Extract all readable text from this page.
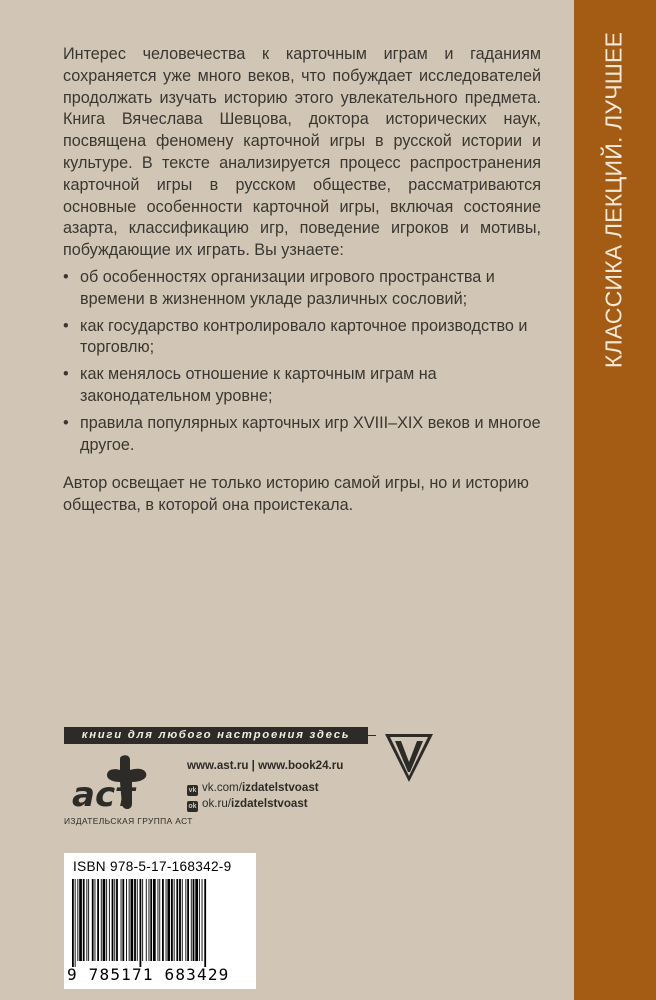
КЛАССИКА ЛЕКЦИЙ. ЛУЧШЕЕ

Интерес человечества к карточным играм и гаданиям сохраняется уже много веков, что побуждает исследователей продолжать изучать историю этого увлекательного предмета. Книга Вячеслава Шевцова, доктора исторических наук, посвящена феномену карточной игры в русской истории и культуре. В тексте анализируется процесс распространения карточной игры в русском обществе, рассматриваются основные особенности карточной игры, включая состояние азарта, классификацию игр, поведение игроков и мотивы, побуждающие их играть. Вы узнаете:

• об особенностях организации игрового пространства и времени в жизненном укладе различных сословий;
• как государство контролировало карточное производство и торговлю;
• как менялось отношение к карточным играм на законодательном уровне;
• правила популярных карточных игр XVIII–XIX веков и многое другое.

Автор освещает не только историю самой игры, но и историю общества, в которой она проистекала.

книги для любого настроения здесь
аст
ИЗДАТЕЛЬСКАЯ ГРУППА АСТ
www.ast.ru | www.book24.ru
vk vk.com/izdatelstvoast
ok ok.ru/izdatelstvoast
ISBN 978-5-17-168342-9
9 785171 683429
